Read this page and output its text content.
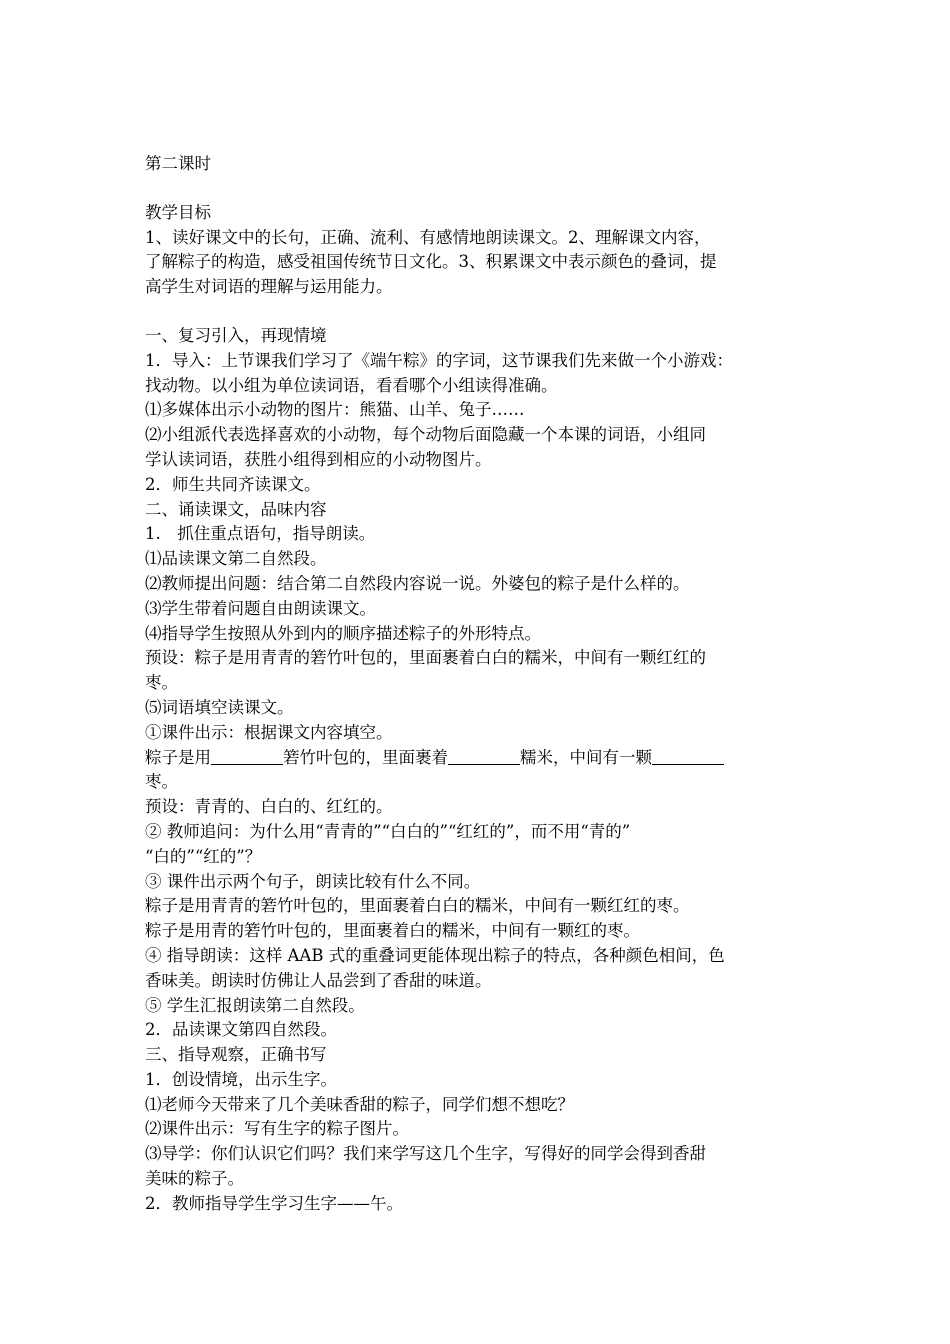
第二课时
教学目标
1、读好课文中的长句，正确、流利、有感情地朗读课文。2、理解课文内容，
了解粽子的构造，感受祖国传统节日文化。3、积累课文中表示颜色的叠词，提
高学生对词语的理解与运用能力。
一、复习引入，再现情境
1．导入：上节课我们学习了《端午粽》的字词，这节课我们先来做一个小游戏：
找动物。以小组为单位读词语，看看哪个小组读得准确。
⑴多媒体出示小动物的图片：熊猫、山羊、兔子……
⑵小组派代表选择喜欢的小动物，每个动物后面隐藏一个本课的词语，小组同
学认读词语，获胜小组得到相应的小动物图片。
2．师生共同齐读课文。
二、诵读课文，品味内容
1.　抓住重点语句，指导朗读。
⑴品读课文第二自然段。
⑵教师提出问题：结合第二自然段内容说一说。外婆包的粽子是什么样的。
⑶学生带着问题自由朗读课文。
⑷指导学生按照从外到内的顺序描述粽子的外形特点。
预设：粽子是用青青的箬竹叶包的，里面裹着白白的糯米，中间有一颗红红的
枣。
⑸词语填空读课文。
①课件出示：根据课文内容填空。
粽子是用	箬竹叶包的，里面裹着	糯米，中间有一颗
枣。
预设：青青的、白白的、红红的。
② 教师追问：为什么用“青青的”“白白的”“红红的”，而不用“青的”
“白的”“红的”？
③ 课件出示两个句子，朗读比较有什么不同。
粽子是用青青的箬竹叶包的，里面裹着白白的糯米，中间有一颗红红的枣。
粽子是用青的箬竹叶包的，里面裹着白的糯米，中间有一颗红的枣。
④ 指导朗读：这样 AAB 式的重叠词更能体现出粽子的特点，各种颜色相间，色
香味美。朗读时仿佛让人品尝到了香甜的味道。
⑤ 学生汇报朗读第二自然段。
2．品读课文第四自然段。
三、指导观察，正确书写
1．创设情境，出示生字。
⑴老师今天带来了几个美味香甜的粽子，同学们想不想吃？
⑵课件出示：写有生字的粽子图片。
⑶导学：你们认识它们吗？我们来学写这几个生字，写得好的同学会得到香甜
美味的粽子。
2．教师指导学生学习生字——午。
